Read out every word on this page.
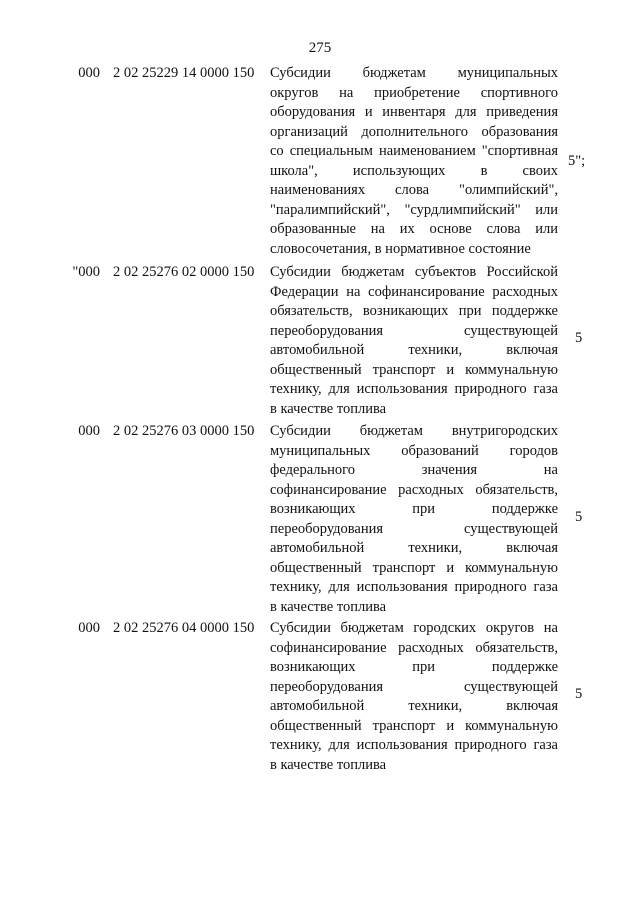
275
000 2 02 25229 14 0000 150	Субсидии бюджетам муниципальных
округов на приобретение спортивного
оборудования и инвентаря для приведения
организаций дополнительного образования
со специальным наименованием "спортивная
школа", использующих в своих
наименованиях слова "олимпийский",
"паралимпийский", "сурдлимпийский" или
образованные на их основе слова или
словосочетания, в нормативное состояние
5";
"000 2 02 25276 02 0000 150	Субсидии бюджетам субъектов Российской
Федерации на софинансирование расходных
обязательств, возникающих при поддержке
переоборудования существующей
автомобильной техники, включая
общественный транспорт и коммунальную
технику, для использования природного газа
в качестве топлива
5
000 2 02 25276 03 0000 150	Субсидии бюджетам внутригородских
муниципальных образований городов
федерального значения на
софинансирование расходных обязательств,
возникающих при поддержке
переоборудования существующей
автомобильной техники, включая
общественный транспорт и коммунальную
технику, для использования природного газа
в качестве топлива
5
000 2 02 25276 04 0000 150	Субсидии бюджетам городских округов на
софинансирование расходных обязательств,
возникающих при поддержке
переоборудования существующей
автомобильной техники, включая
общественный транспорт и коммунальную
технику, для использования природного газа
в качестве топлива
5
